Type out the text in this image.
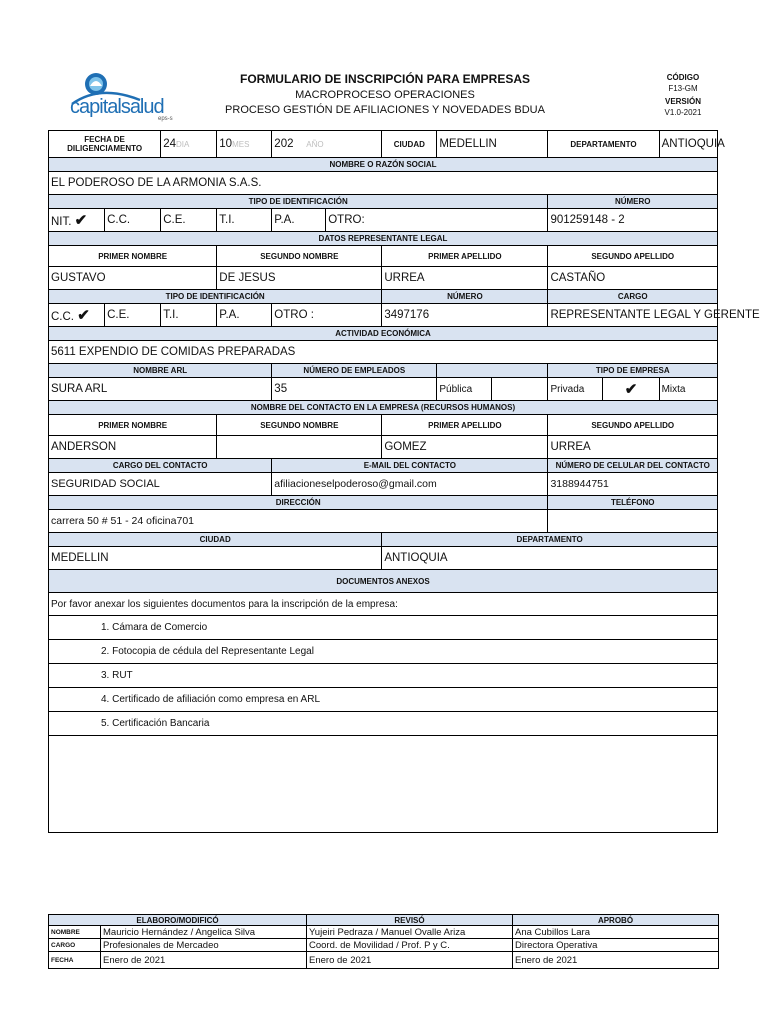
capitalsalud
eps-s
FORMULARIO DE INSCRIPCIÓN PARA EMPRESAS
MACROPROCESO OPERACIONES
PROCESO GESTIÓN DE AFILIACIONES Y NOVEDADES BDUA
CÓDIGO
F13-GM
VERSIÓN
V1.0-2021
FECHA DE DILIGENCIAMENTO		24DIA	10MES	202 AÑO		CIUDAD	MEDELLIN		DEPARTAMENTO		ANTIOQUIA
NOMBRE O RAZÓN SOCIAL											
EL PODEROSO DE LA ARMONIA S.A.S.											
TIPO DE IDENTIFICACIÓN									NÚMERO		
NIT. ✔	C.C.	C.E.	T.I.	P.A.	OTRO:				901259148 - 2		
DATOS REPRESENTANTE LEGAL											
PRIMER NOMBRE			SEGUNDO NOMBRE			PRIMER APELLIDO			SEGUNDO APELLIDO		
GUSTAVO			DE JESUS			URREA			CASTAÑO		
TIPO DE IDENTIFICACIÓN						NÚMERO			CARGO		
C.C. ✔	C.E.	T.I.	P.A.	OTRO :		3497176			REPRESENTANTE LEGAL Y GERENTE		
ACTIVIDAD ECONÓMICA											
5611 EXPENDIO DE COMIDAS PREPARADAS											
NOMBRE ARL				NÚMERO DE EMPLEADOS					TIPO DE EMPRESA		
SURA ARL				35			Pública		Privada	✔	Mixta
NOMBRE DEL CONTACTO EN LA EMPRESA (RECURSOS HUMANOS)											
PRIMER NOMBRE			SEGUNDO NOMBRE			PRIMER APELLIDO			SEGUNDO APELLIDO		
ANDERSON						GOMEZ			URREA		
CARGO DEL CONTACTO				E-MAIL DEL CONTACTO					NÚMERO DE CELULAR DEL CONTACTO		
SEGURIDAD SOCIAL				afiliacioneselpoderoso@gmail.com					3188944751		
DIRECCIÓN									TELÉFONO		
carrera 50 # 51 - 24 oficina701											
CIUDAD						DEPARTAMENTO					
MEDELLIN						ANTIOQUIA					
DOCUMENTOS ANEXOS											
Por favor anexar los siguientes documentos para la inscripción de la empresa:											
1. Cámara de Comercio											
2. Fotocopia de cédula del Representante Legal											
3. RUT											
4. Certificado de afiliación como empresa en ARL											
5. Certificación Bancaria											

ELABORO/MODIFICÓ		REVISÓ	APROBÓ
NOMBRE	Mauricio Hernández / Angelica Silva	Yujeiri Pedraza / Manuel Ovalle Ariza	Ana Cubillos Lara
CARGO	Profesionales de Mercadeo	Coord. de Movilidad / Prof. P y C.	Directora Operativa
FECHA	Enero de 2021	Enero de 2021	Enero de 2021
